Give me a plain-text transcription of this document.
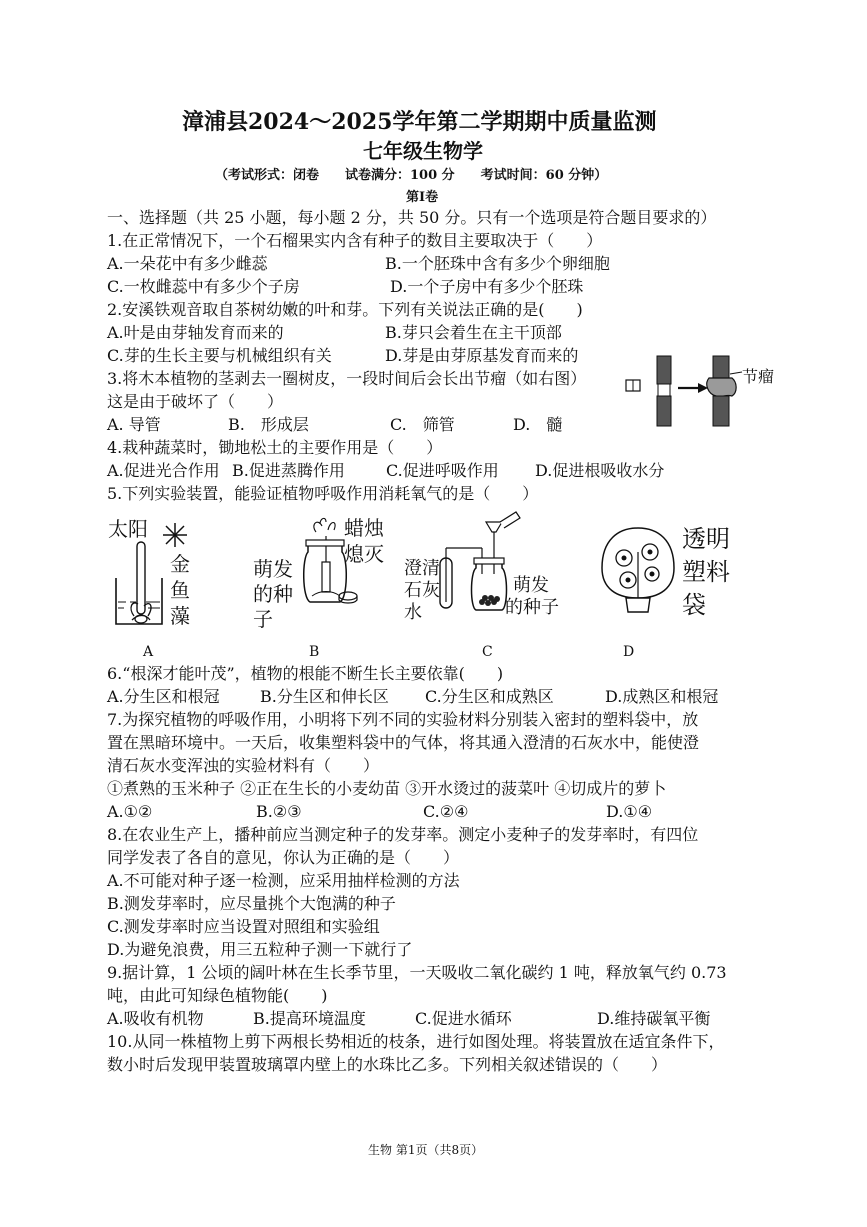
漳浦县2024～2025学年第二学期期中质量监测
七年级生物学
（考试形式：闭卷　　试卷满分：100 分　　考试时间：60 分钟）
第Ⅰ卷
一、选择题（共 25 小题，每小题 2 分，共 50 分。只有一个选项是符合题目要求的）
1.在正常情况下，一个石榴果实内含有种子的数目主要取决于（　　）
A.一朵花中有多少雌蕊	B.一个胚珠中含有多少个卵细胞
C.一枚雌蕊中有多少个子房	D.一个子房中有多少个胚珠
2.安溪铁观音取自茶树幼嫩的叶和芽。下列有关说法正确的是(　　)
A.叶是由芽轴发育而来的	B.芽只会着生在主干顶部
C.芽的生长主要与机械组织有关	D.芽是由芽原基发育而来的
3.将木本植物的茎剥去一圈树皮，一段时间后会长出节瘤（如右图）
这是由于破坏了（　　）
A. 导管	B.　形成层	C.　筛管	D.　髓
节瘤
4.栽种蔬菜时，锄地松土的主要作用是（　　）
A.促进光合作用 B.促进蒸腾作用	C.促进呼吸作用 D.促进根吸收水分
5.下列实验装置，能验证植物呼吸作用消耗氧气的是（　　）
太阳
金
鱼
藻
A
蜡烛
熄灭
萌发
的种
子
B
澄清
石灰
水
萌发
的种子
C
透明
塑料
袋
D
6.“根深才能叶茂”，植物的根能不断生长主要依靠(　　)
A.分生区和根冠	B.分生区和伸长区 C.分生区和成熟区	D.成熟区和根冠
7.为探究植物的呼吸作用，小明将下列不同的实验材料分别装入密封的塑料袋中，放
置在黑暗环境中。一天后，收集塑料袋中的气体，将其通入澄清的石灰水中，能使澄
清石灰水变浑浊的实验材料有（　　）
①煮熟的玉米种子 ②正在生长的小麦幼苗 ③开水烫过的菠菜叶 ④切成片的萝卜
A.①②	B.②③	C.②④	D.①④
8.在农业生产上，播种前应当测定种子的发芽率。测定小麦种子的发芽率时，有四位
同学发表了各自的意见，你认为正确的是（　　）
A.不可能对种子逐一检测，应采用抽样检测的方法
B.测发芽率时，应尽量挑个大饱满的种子
C.测发芽率时应当设置对照组和实验组
D.为避免浪费，用三五粒种子测一下就行了
9.据计算，1 公顷的阔叶林在生长季节里，一天吸收二氧化碳约 1 吨，释放氧气约 0.73
吨，由此可知绿色植物能(　　)
A.吸收有机物	B.提高环境温度	C.促进水循环	D.维持碳氧平衡
10.从同一株植物上剪下两根长势相近的枝条，进行如图处理。将装置放在适宜条件下，
数小时后发现甲装置玻璃罩内壁上的水珠比乙多。下列相关叙述错误的（　　）
生物 第1页（共8页）
